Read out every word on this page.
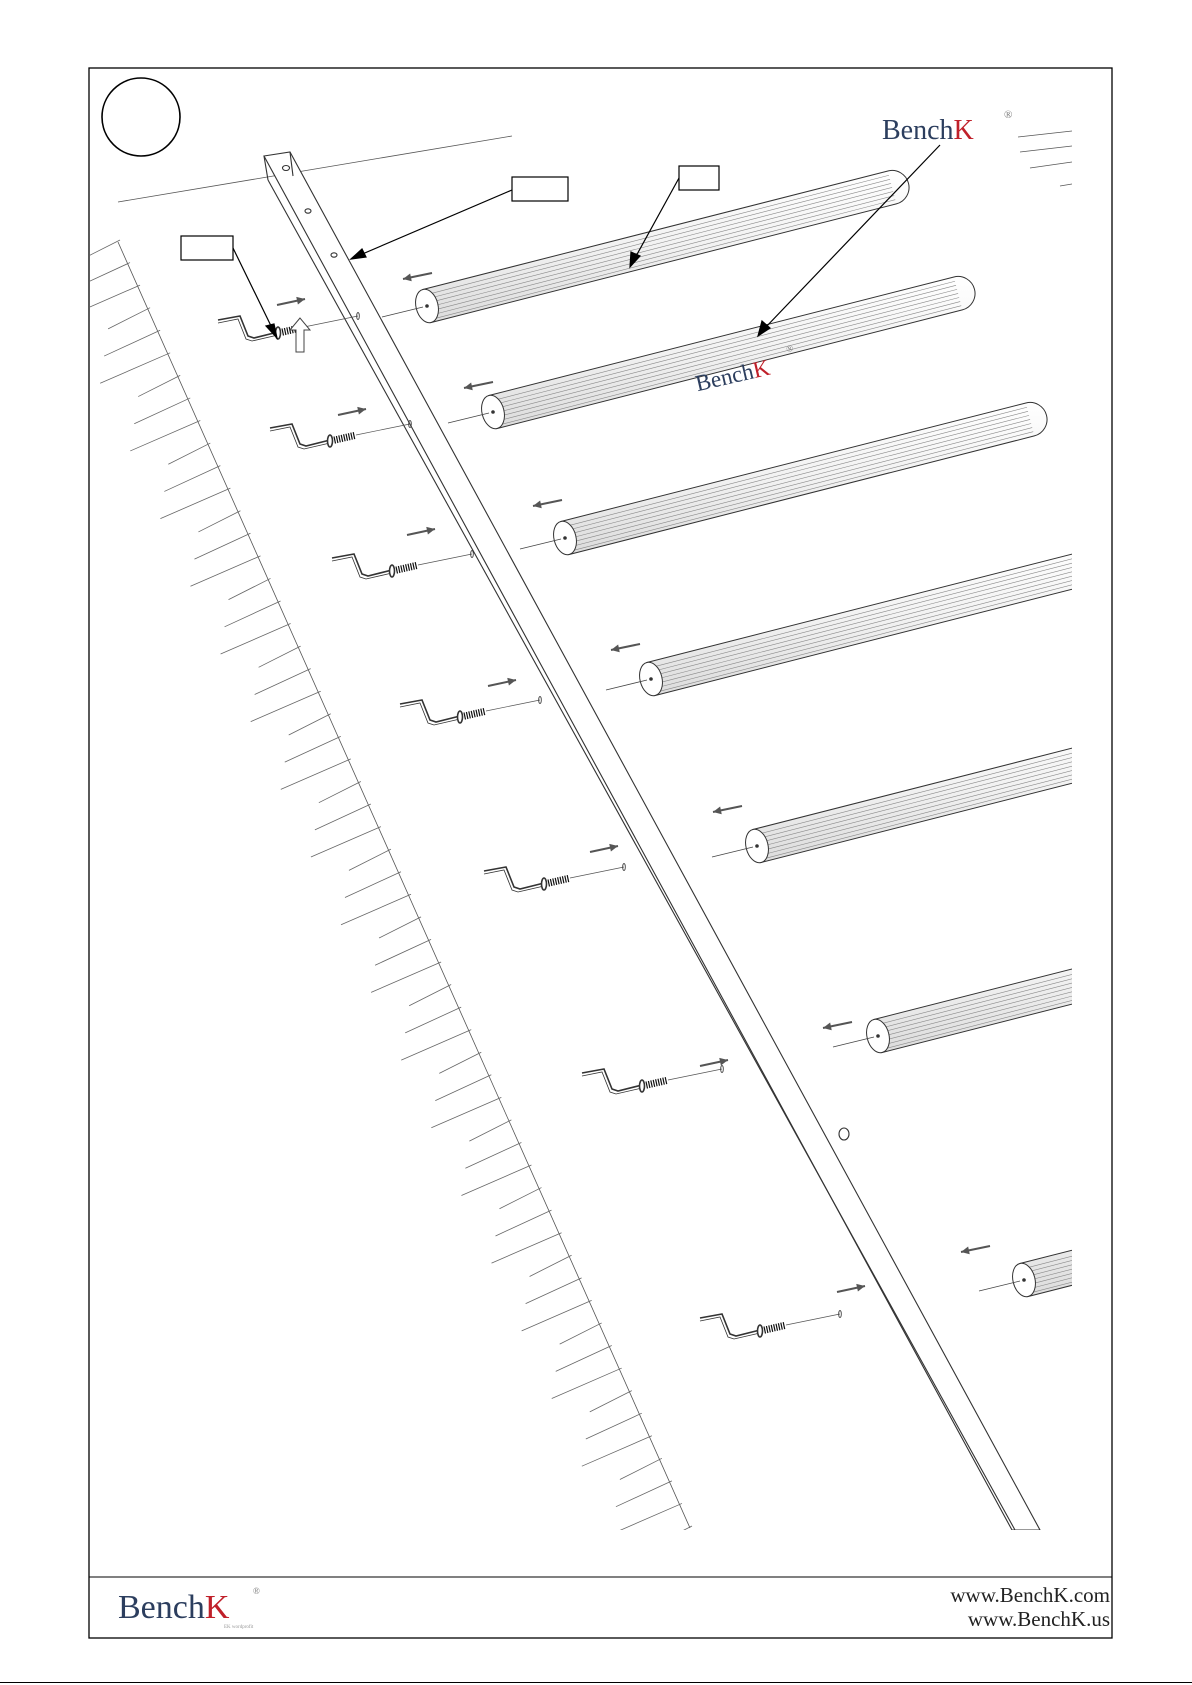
BenchK	®
BenchK
®
BenchK	®
EK wordprofit
www.BenchK.com
www.BenchK.us
